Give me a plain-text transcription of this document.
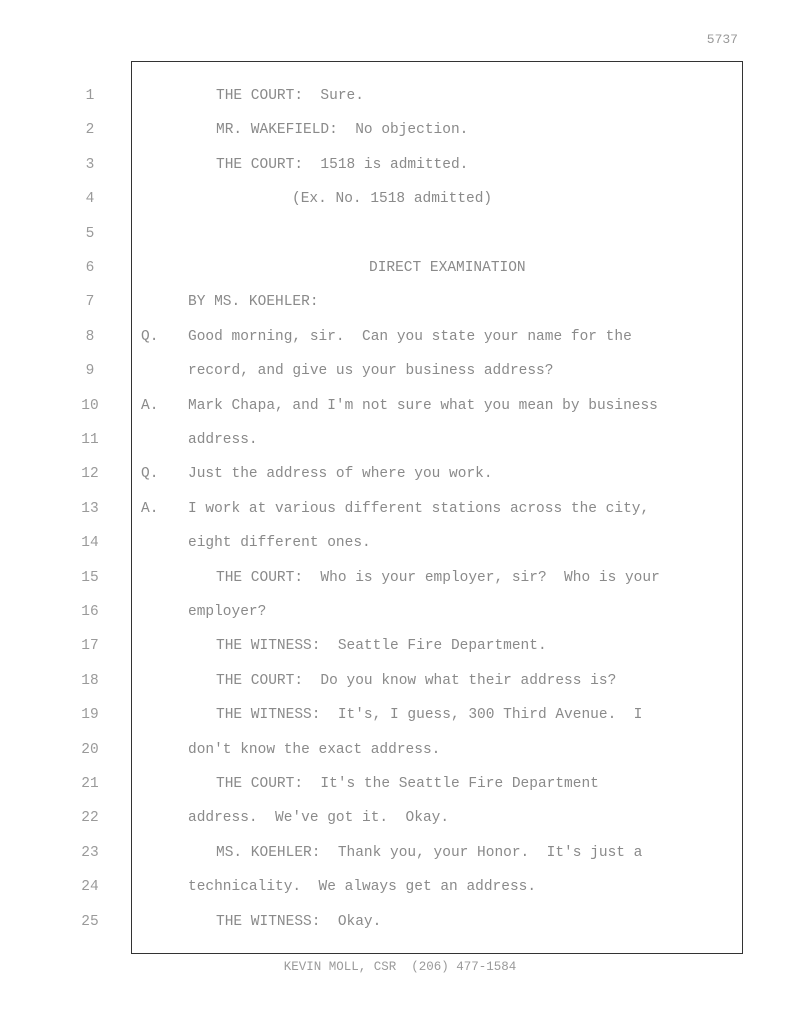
5737
1	THE COURT:  Sure.
2	MR. WAKEFIELD:  No objection.
3	THE COURT:  1518 is admitted.
4	(Ex. No. 1518 admitted)
5
6	DIRECT EXAMINATION
7	BY MS. KOEHLER:
8	Q. Good morning, sir.  Can you state your name for the
9	record, and give us your business address?
10	A. Mark Chapa, and I'm not sure what you mean by business
11	address.
12	Q. Just the address of where you work.
13	A. I work at various different stations across the city,
14	eight different ones.
15	THE COURT:  Who is your employer, sir?  Who is your
16	employer?
17	THE WITNESS:  Seattle Fire Department.
18	THE COURT:  Do you know what their address is?
19	THE WITNESS:  It's, I guess, 300 Third Avenue.  I
20	don't know the exact address.
21	THE COURT:  It's the Seattle Fire Department
22	address.  We've got it.  Okay.
23	MS. KOEHLER:  Thank you, your Honor.  It's just a
24	technicality.  We always get an address.
25	THE WITNESS:  Okay.
KEVIN MOLL, CSR  (206) 477-1584
